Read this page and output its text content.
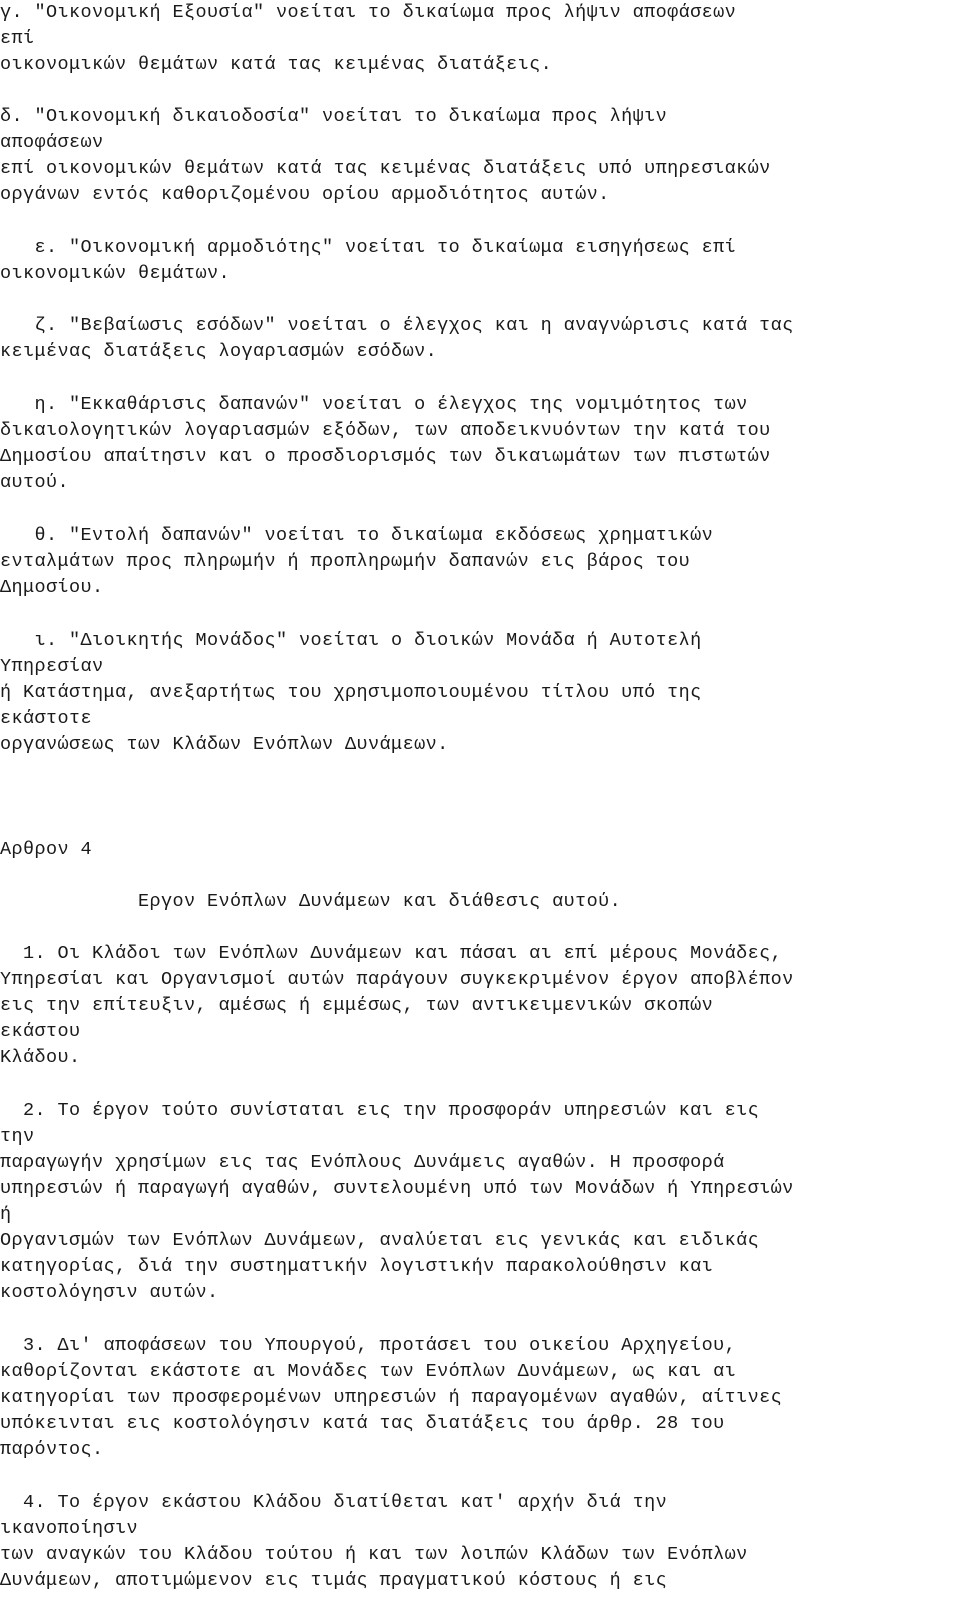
γ. "Οικονομική Εξουσία" νοείται το δικαίωμα προς λήψιν αποφάσεων
επί
οικονομικών θεμάτων κατά τας κειμένας διατάξεις.
δ. "Οικονομική δικαιοδοσία" νοείται το δικαίωμα προς λήψιν
αποφάσεων
επί οικονομικών θεμάτων κατά τας κειμένας διατάξεις υπό υπηρεσιακών
οργάνων εντός καθοριζομένου ορίου αρμοδιότητος αυτών.
ε. "Οικονομική αρμοδιότης" νοείται το δικαίωμα εισηγήσεως επί
οικονομικών θεμάτων.
ζ. "Βεβαίωσις εσόδων" νοείται ο έλεγχος και η αναγνώρισις κατά τας
κειμένας διατάξεις λογαριασμών εσόδων.
η. "Εκκαθάρισις δαπανών" νοείται ο έλεγχος της νομιμότητος των
δικαιολογητικών λογαριασμών εξόδων, των αποδεικνυόντων την κατά του
Δημοσίου απαίτησιν και ο προσδιορισμός των δικαιωμάτων των πιστωτών
αυτού.
θ. "Εντολή δαπανών" νοείται το δικαίωμα εκδόσεως χρηματικών
ενταλμάτων προς πληρωμήν ή προπληρωμήν δαπανών εις βάρος του
Δημοσίου.
ι. "Διοικητής Μονάδος" νοείται ο διοικών Μονάδα ή Αυτοτελή
Υπηρεσίαν
ή Κατάστημα, ανεξαρτήτως του χρησιμοποιουμένου τίτλου υπό της
εκάστοτε
οργανώσεως των Κλάδων Ενόπλων Δυνάμεων.
Αρθρον 4
Εργον Ενόπλων Δυνάμεων και διάθεσις αυτού.
1. Οι Κλάδοι των Ενόπλων Δυνάμεων και πάσαι αι επί μέρους Μονάδες,
Υπηρεσίαι και Οργανισμοί αυτών παράγουν συγκεκριμένον έργον αποβλέπον
εις την επίτευξιν, αμέσως ή εμμέσως, των αντικειμενικών σκοπών
εκάστου
Κλάδου.
2. Το έργον τούτο συνίσταται εις την προσφοράν υπηρεσιών και εις
την
παραγωγήν χρησίμων εις τας Ενόπλους Δυνάμεις αγαθών. Η προσφορά
υπηρεσιών ή παραγωγή αγαθών, συντελουμένη υπό των Μονάδων ή Υπηρεσιών
ή
Οργανισμών των Ενόπλων Δυνάμεων, αναλύεται εις γενικάς και ειδικάς
κατηγορίας, διά την συστηματικήν λογιστικήν παρακολούθησιν και
κοστολόγησιν αυτών.
3. Δι' αποφάσεων του Υπουργού, προτάσει του οικείου Αρχηγείου,
καθορίζονται εκάστοτε αι Μονάδες των Ενόπλων Δυνάμεων, ως και αι
κατηγορίαι των προσφερομένων υπηρεσιών ή παραγομένων αγαθών, αίτινες
υπόκεινται εις κοστολόγησιν κατά τας διατάξεις του άρθρ. 28 του
παρόντος.
4. Το έργον εκάστου Κλάδου διατίθεται κατ' αρχήν διά την
ικανοποίησιν
των αναγκών του Κλάδου τούτου ή και των λοιπών Κλάδων των Ενόπλων
Δυνάμεων, αποτιμώμενον εις τιμάς πραγματικού κόστους ή εις
